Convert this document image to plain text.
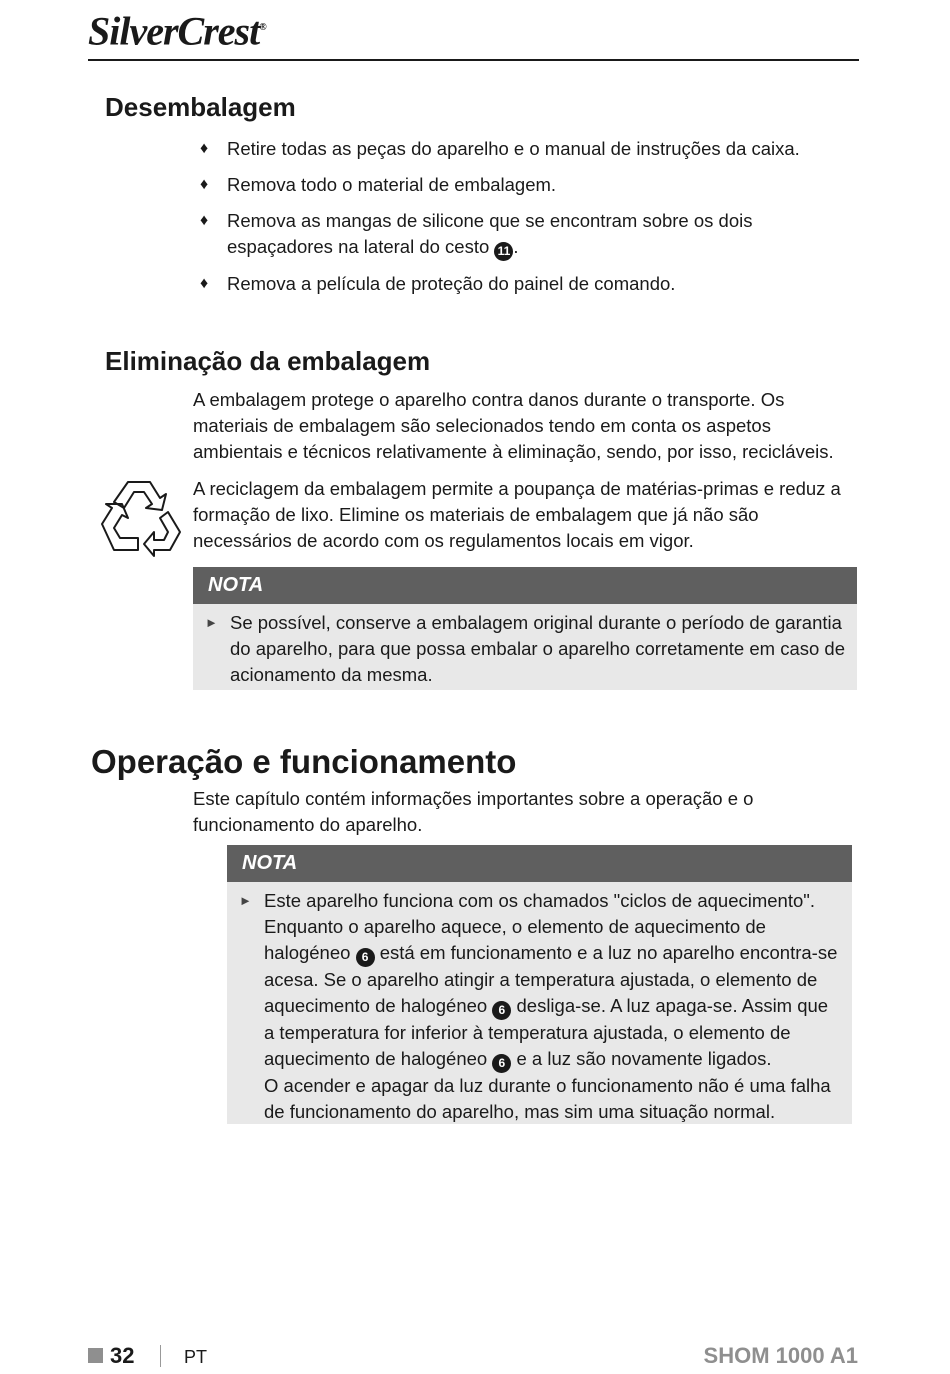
SilverCrest®
Desembalagem
♦ Retire todas as peças do aparelho e o manual de instruções da caixa.
♦ Remova todo o material de embalagem.
♦ Remova as mangas de silicone que se encontram sobre os dois espaçadores na lateral do cesto 11 .
♦ Remova a película de proteção do painel de comando.
Eliminação da embalagem

A embalagem protege o aparelho contra danos durante o transporte. Os materiais de embalagem são selecionados tendo em conta os aspetos ambientais e técnicos relativamente à eliminação, sendo, por isso, recicláveis.

A reciclagem da embalagem permite a poupança de matérias-primas e reduz a formação de lixo. Elimine os materiais de embalagem que já não são necessários de acordo com os regulamentos locais em vigor.

NOTA
► Se possível, conserve a embalagem original durante o período de garantia do aparelho, para que possa embalar o aparelho corretamente em caso de acionamento da mesma.
Operação e funcionamento

Este capítulo contém informações importantes sobre a operação e o funcionamento do aparelho.

NOTA
► Este aparelho funciona com os chamados "ciclos de aquecimento". Enquanto o aparelho aquece, o elemento de aquecimento de halogéneo 6 está em funcionamento e a luz no aparelho encontra-se acesa. Se o aparelho atingir a temperatura ajustada, o elemento de aquecimento de halogéneo 6 desliga-se. A luz apaga-se. Assim que a temperatura for inferior à temperatura ajustada, o elemento de aquecimento de halogéneo 6 e a luz são novamente ligados.
O acender e apagar da luz durante o funcionamento não é uma falha de funcionamento do aparelho, mas sim uma situação normal.
32	PT	SHOM 1000 A1
